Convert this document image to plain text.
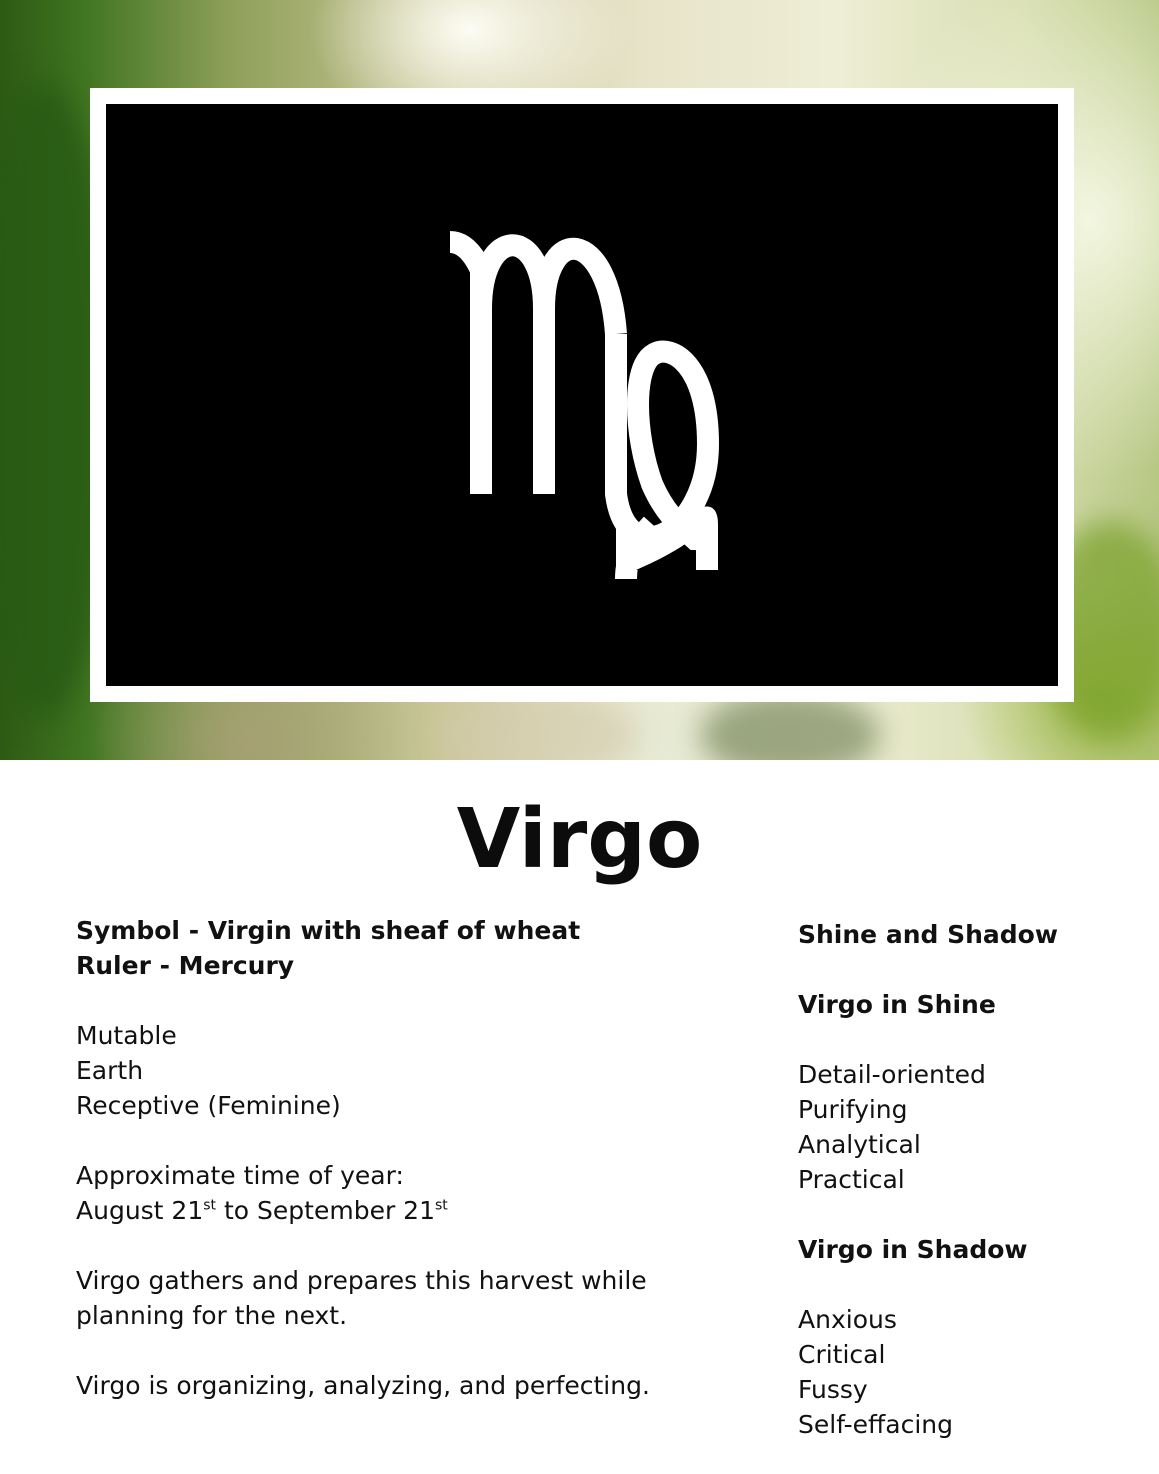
Virgo
Symbol - Virgin with sheaf of wheat
Ruler - Mercury
Mutable
Earth
Receptive (Feminine)
Approximate time of year:
August 21st to September 21st
Virgo gathers and prepares this harvest while
planning for the next.
Virgo is organizing, analyzing, and perfecting.
Shine and Shadow
Virgo in Shine
Detail-oriented
Purifying
Analytical
Practical
Virgo in Shadow
Anxious
Critical
Fussy
Self-effacing
